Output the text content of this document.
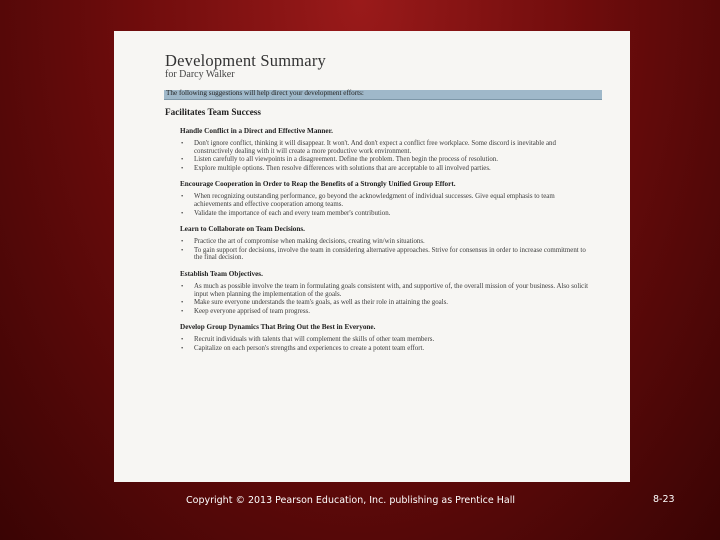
Development Summary
for Darcy Walker
The following suggestions will help direct your development efforts:
Facilitates Team Success
Handle Conflict in a Direct and Effective Manner.
• Don't ignore conflict, thinking it will disappear. It won't. And don't expect a conflict free workplace. Some discord is inevitable and constructively dealing with it will create a more productive work environment.
• Listen carefully to all viewpoints in a disagreement. Define the problem. Then begin the process of resolution.
• Explore multiple options. Then resolve differences with solutions that are acceptable to all involved parties.
Encourage Cooperation in Order to Reap the Benefits of a Strongly Unified Group Effort.
• When recognizing outstanding performance, go beyond the acknowledgment of individual successes. Give equal emphasis to team achievements and effective cooperation among teams.
• Validate the importance of each and every team member's contribution.
Learn to Collaborate on Team Decisions.
• Practice the art of compromise when making decisions, creating win/win situations.
• To gain support for decisions, involve the team in considering alternative approaches. Strive for consensus in order to increase commitment to the final decision.
Establish Team Objectives.
• As much as possible involve the team in formulating goals consistent with, and supportive of, the overall mission of your business. Also solicit input when planning the implementation of the goals.
• Make sure everyone understands the team's goals, as well as their role in attaining the goals.
• Keep everyone apprised of team progress.
Develop Group Dynamics That Bring Out the Best in Everyone.
• Recruit individuals with talents that will complement the skills of other team members.
• Capitalize on each person's strengths and experiences to create a potent team effort.
Copyright © 2013 Pearson Education, Inc. publishing as Prentice Hall	8-23
